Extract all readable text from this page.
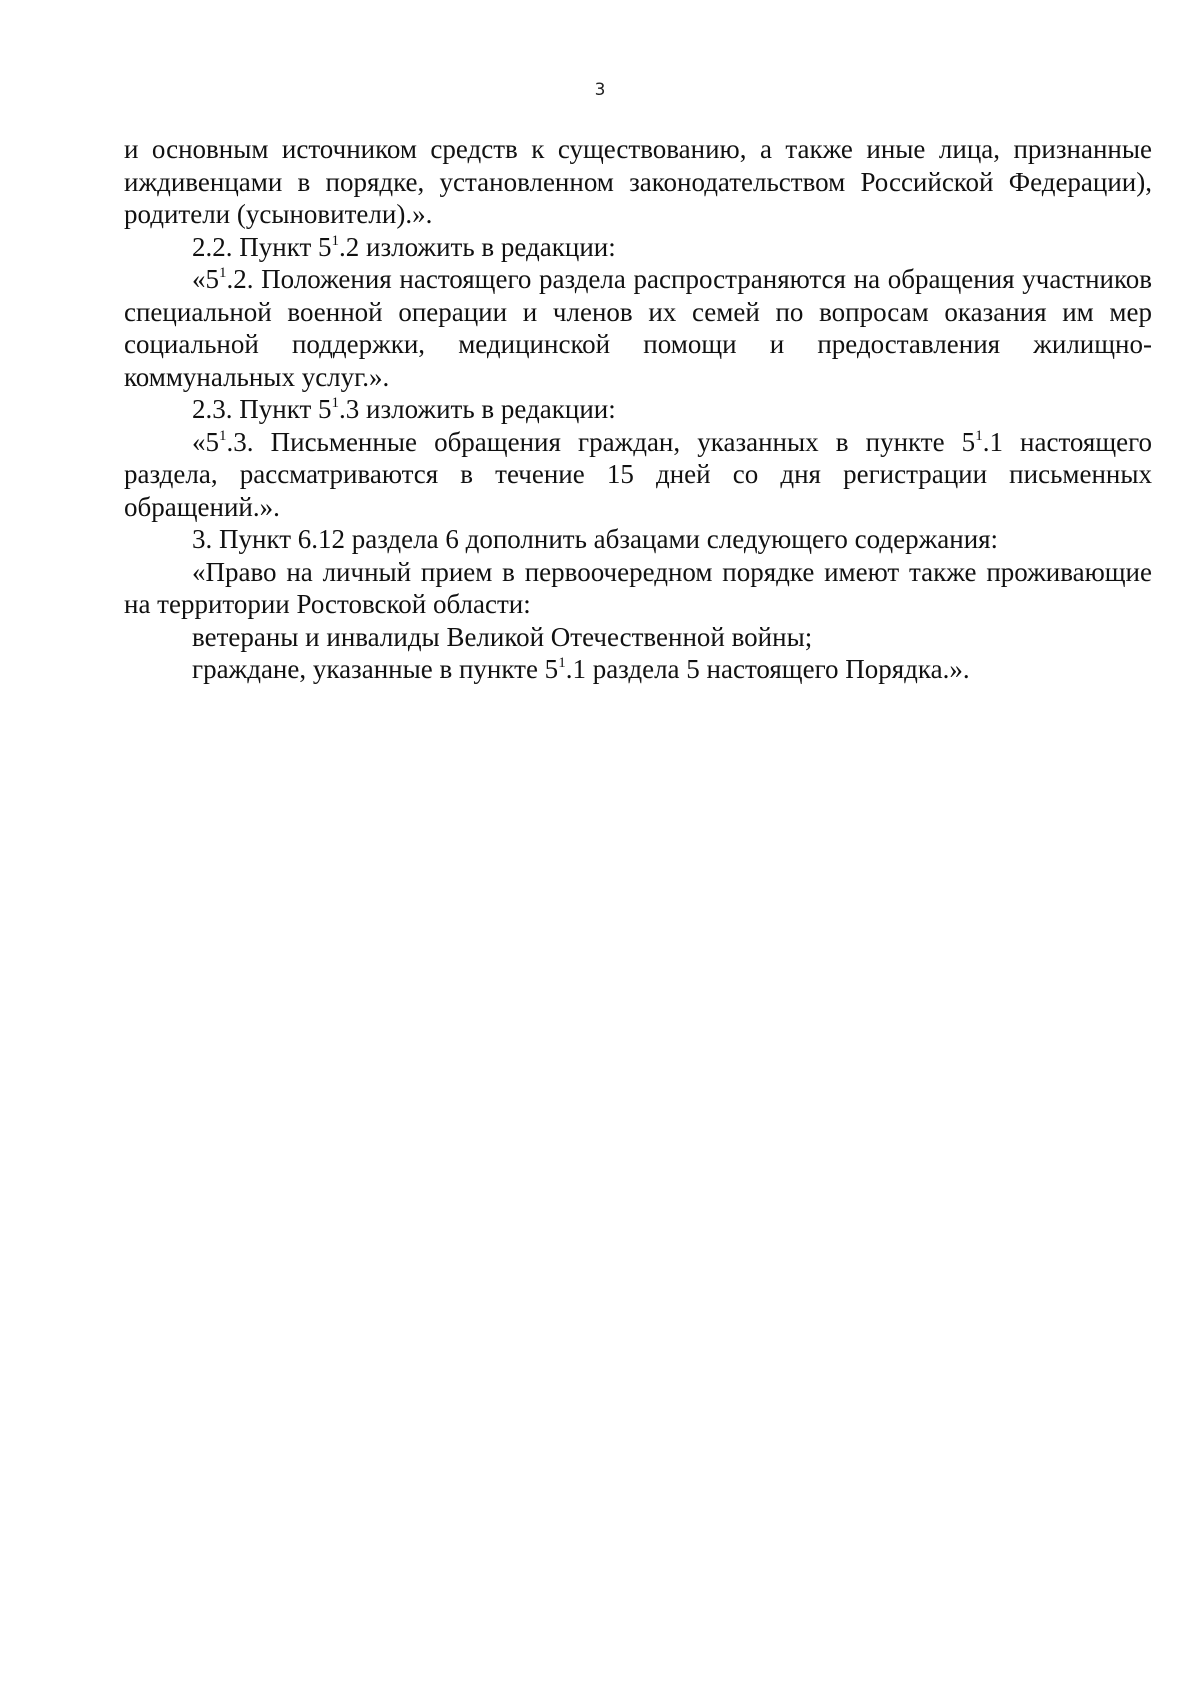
3

и основным источником средств к существованию, а также иные лица, признанные иждивенцами в порядке, установленном законодательством Российской Федерации), родители (усыновители).».

2.2. Пункт $5^1.2$ изложить в редакции:

«$5^1.2$. Положения настоящего раздела распространяются на обращения участников специальной военной операции и членов их семей по вопросам оказания им мер социальной поддержки, медицинской помощи и предоставления жилищно-коммунальных услуг.».

2.3. Пункт $5^1.3$ изложить в редакции:

«$5^1.3$. Письменные обращения граждан, указанных в пункте $5^1.1$ настоящего раздела, рассматриваются в течение 15 дней со дня регистрации письменных обращений.».

3. Пункт 6.12 раздела 6 дополнить абзацами следующего содержания:

«Право на личный прием в первоочередном порядке имеют также проживающие на территории Ростовской области:

ветераны и инвалиды Великой Отечественной войны;

граждане, указанные в пункте $5^1.1$ раздела 5 настоящего Порядка.».
